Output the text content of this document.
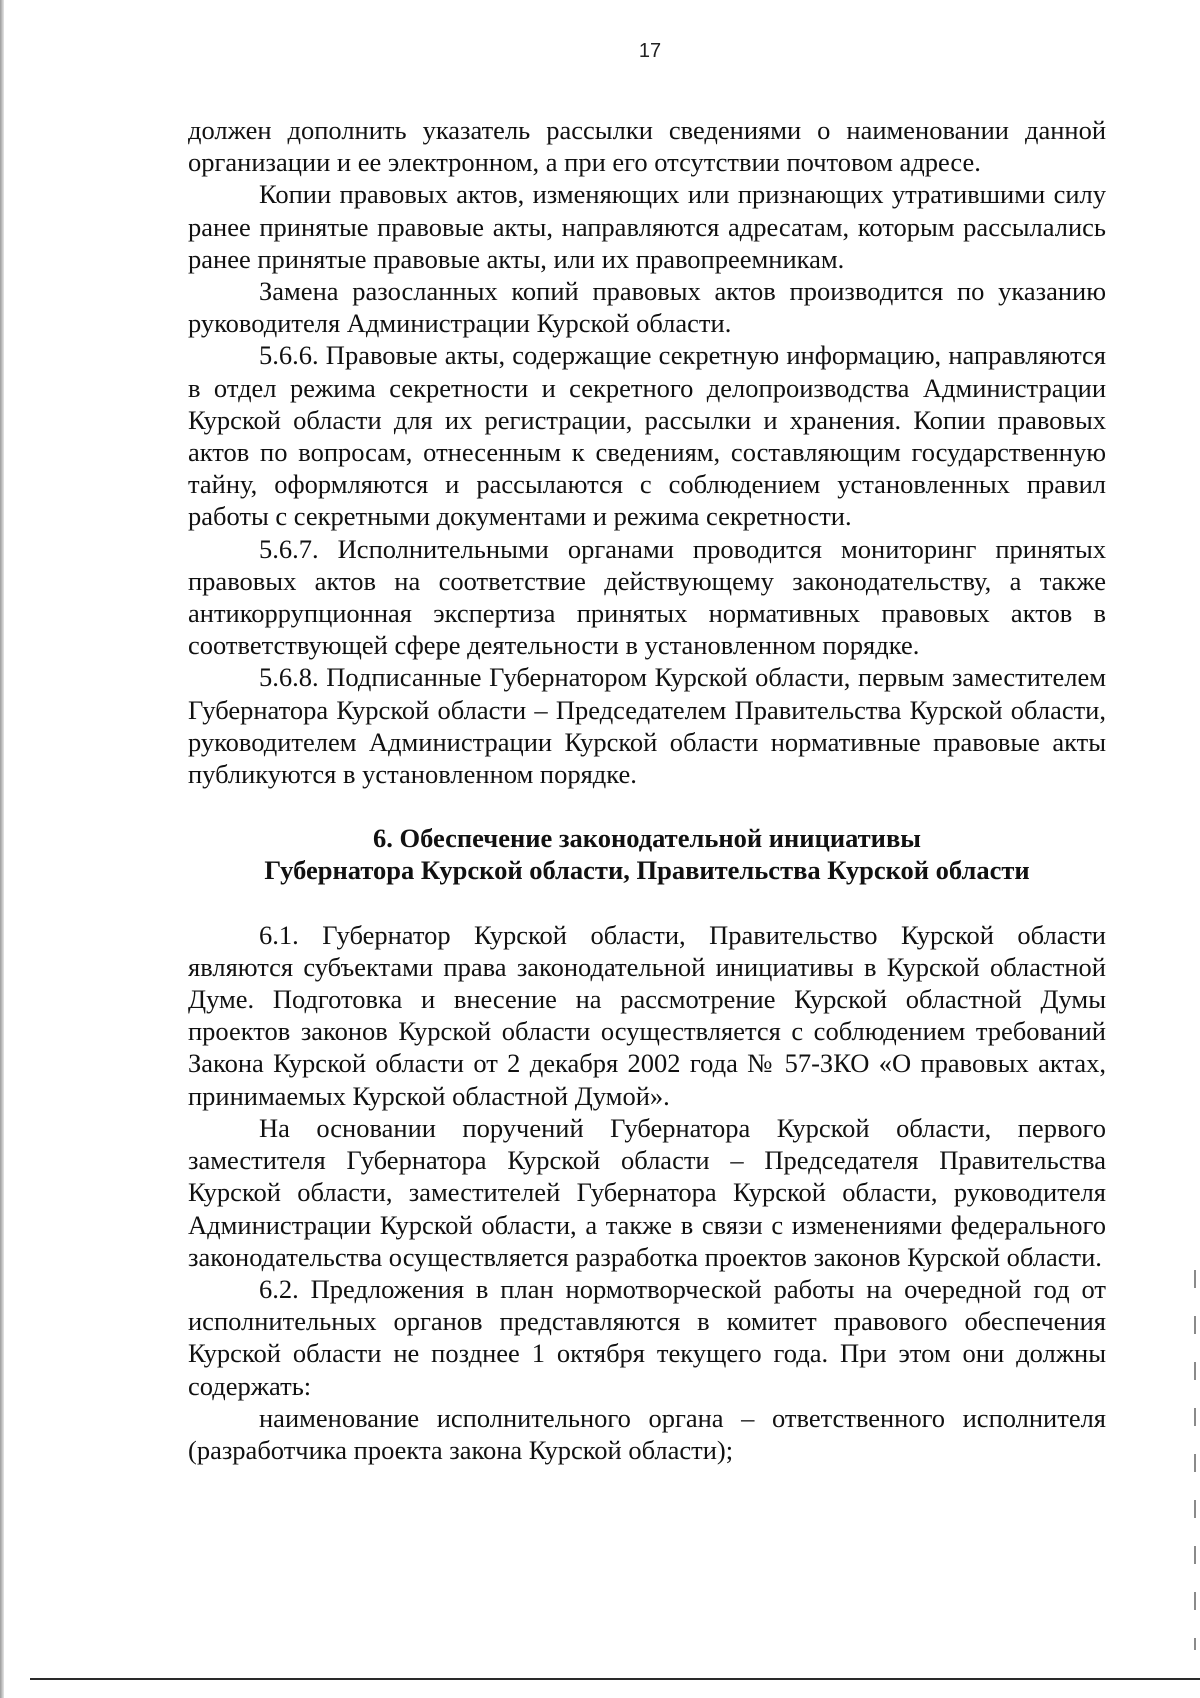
17

должен дополнить указатель рассылки сведениями о наименовании данной организации и ее электронном, а при его отсутствии почтовом адресе.

Копии правовых актов, изменяющих или признающих утратившими силу ранее принятые правовые акты, направляются адресатам, которым рассылались ранее принятые правовые акты, или их правопреемникам.

Замена разосланных копий правовых актов производится по указанию руководителя Администрации Курской области.

5.6.6. Правовые акты, содержащие секретную информацию, направляются в отдел режима секретности и секретного делопроизводства Администрации Курской области для их регистрации, рассылки и хранения. Копии правовых актов по вопросам, отнесенным к сведениям, составляющим государственную тайну, оформляются и рассылаются с соблюдением установленных правил работы с секретными документами и режима секретности.

5.6.7. Исполнительными органами проводится мониторинг принятых правовых актов на соответствие действующему законодательству, а также антикоррупционная экспертиза принятых нормативных правовых актов в соответствующей сфере деятельности в установленном порядке.

5.6.8. Подписанные Губернатором Курской области, первым заместителем Губернатора Курской области – Председателем Правительства Курской области, руководителем Администрации Курской области нормативные правовые акты публикуются в установленном порядке.

6. Обеспечение законодательной инициативы

Губернатора Курской области, Правительства Курской области

6.1. Губернатор Курской области, Правительство Курской области являются субъектами права законодательной инициативы в Курской областной Думе. Подготовка и внесение на рассмотрение Курской областной Думы проектов законов Курской области осуществляется с соблюдением требований Закона Курской области от 2 декабря 2002 года № 57-ЗКО «О правовых актах, принимаемых Курской областной Думой».

На основании поручений Губернатора Курской области, первого заместителя Губернатора Курской области – Председателя Правительства Курской области, заместителей Губернатора Курской области, руководителя Администрации Курской области, а также в связи с изменениями федерального законодательства осуществляется разработка проектов законов Курской области.

6.2. Предложения в план нормотворческой работы на очередной год от исполнительных органов представляются в комитет правового обеспечения Курской области не позднее 1 октября текущего года. При этом они должны содержать:

наименование исполнительного органа – ответственного исполнителя (разработчика проекта закона Курской области);
